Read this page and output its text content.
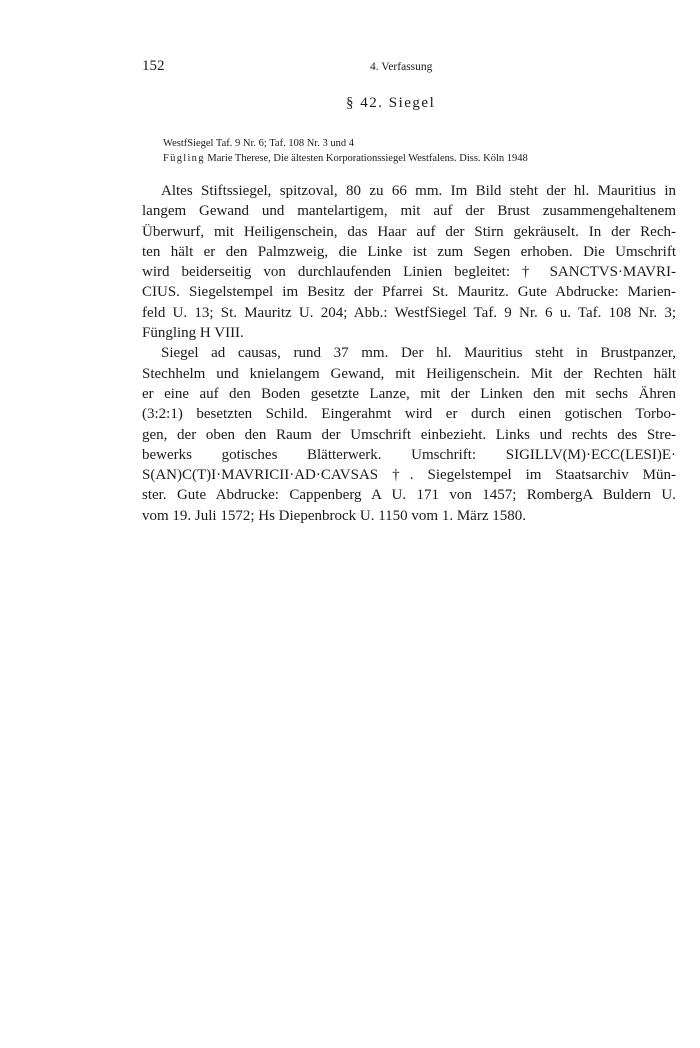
152	4. Verfassung
§ 42. Siegel
WestfSiegel Taf. 9 Nr. 6; Taf. 108 Nr. 3 und 4
Fügling Marie Therese, Die ältesten Korporationssiegel Westfalens. Diss. Köln 1948
Altes Stiftssiegel, spitzoval, 80 zu 66 mm. Im Bild steht der hl. Mauritius in
langem Gewand und mantelartigem, mit auf der Brust zusammengehaltenem
Überwurf, mit Heiligenschein, das Haar auf der Stirn gekräuselt. In der Rech-
ten hält er den Palmzweig, die Linke ist zum Segen erhoben. Die Umschrift
wird beiderseitig von durchlaufenden Linien begleitet: † SANCTVS·MAVRI-
CIUS. Siegelstempel im Besitz der Pfarrei St. Mauritz. Gute Abdrucke: Marien-
feld U. 13; St. Mauritz U. 204; Abb.: WestfSiegel Taf. 9 Nr. 6 u. Taf. 108 Nr. 3;
Füngling H VIII.
Siegel ad causas, rund 37 mm. Der hl. Mauritius steht in Brustpanzer,
Stechhelm und knielangem Gewand, mit Heiligenschein. Mit der Rechten hält
er eine auf den Boden gesetzte Lanze, mit der Linken den mit sechs Ähren
(3:2:1) besetzten Schild. Eingerahmt wird er durch einen gotischen Torbo-
gen, der oben den Raum der Umschrift einbezieht. Links und rechts des Stre-
bewerks gotisches Blätterwerk. Umschrift: SIGILLV(M)·ECC(LESI)E·
S(AN)C(T)I·MAVRICII·AD·CAVSAS †. Siegelstempel im Staatsarchiv Mün-
ster. Gute Abdrucke: Cappenberg A U. 171 von 1457; RombergA Buldern U.
vom 19. Juli 1572; Hs Diepenbrock U. 1150 vom 1. März 1580.
